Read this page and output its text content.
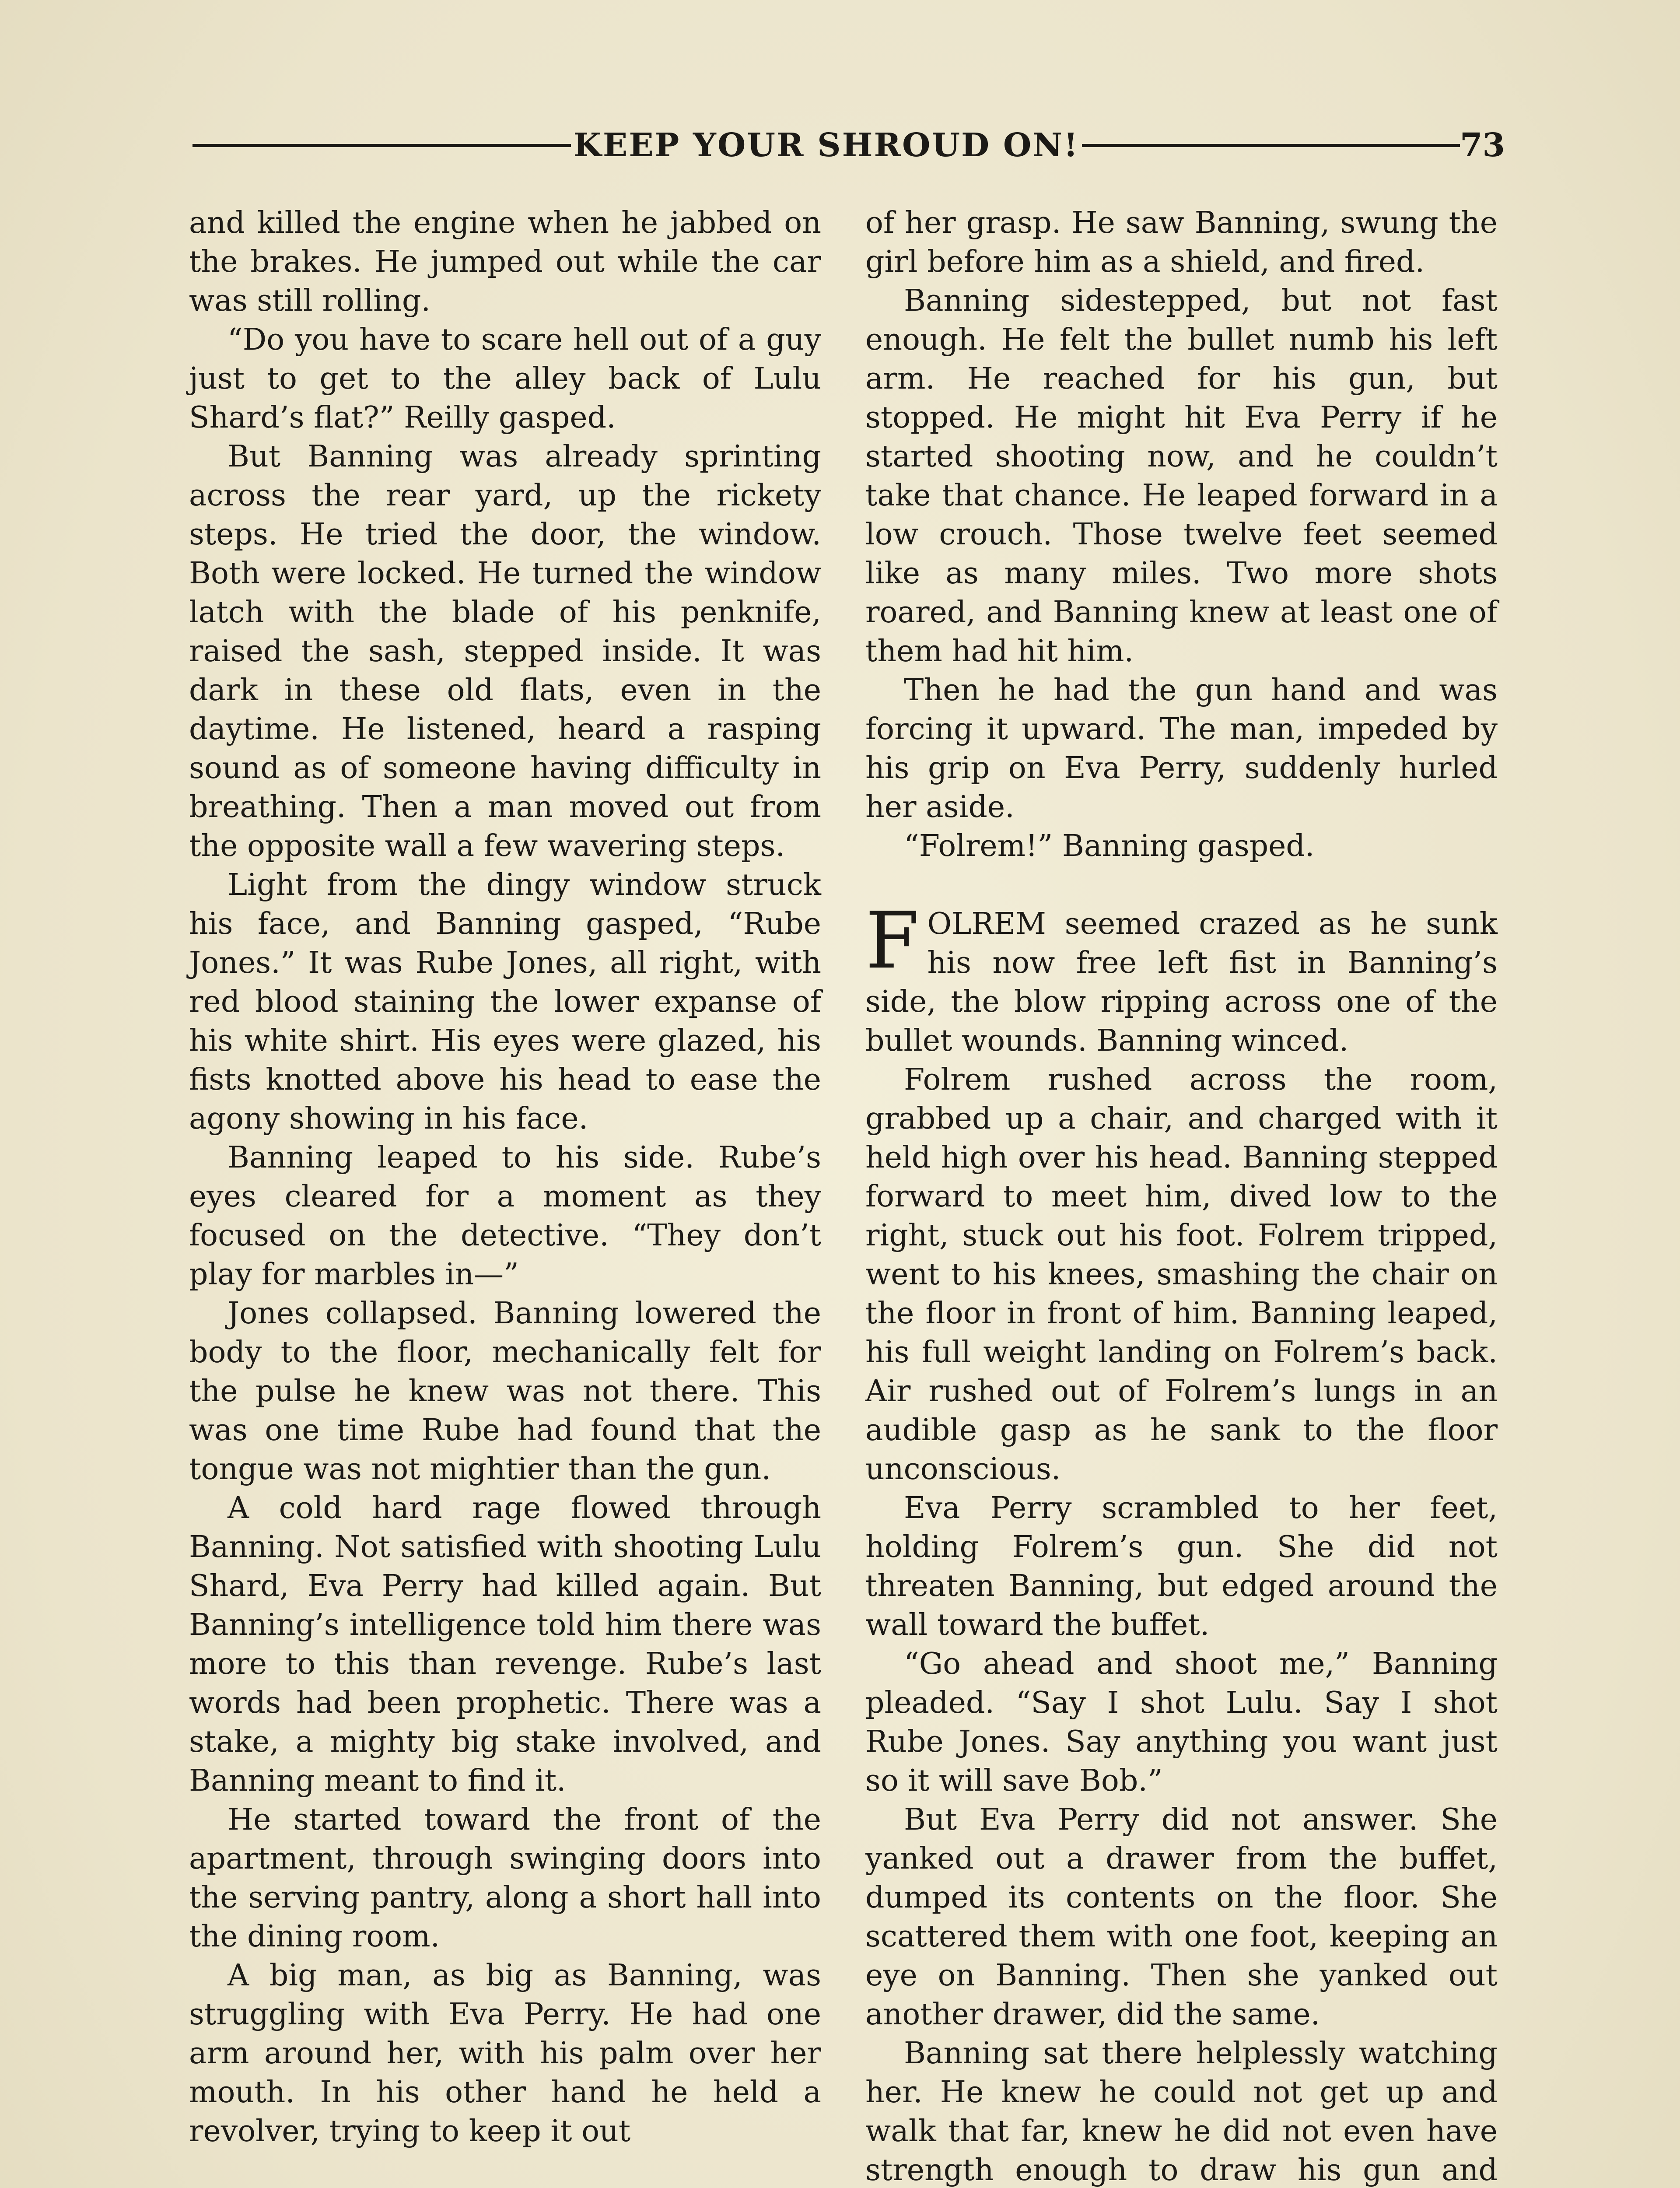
KEEP YOUR SHROUD ON!	73

and killed the engine when he jabbed on the brakes. He jumped out while the car was still rolling.

“Do you have to scare hell out of a guy just to get to the alley back of Lulu Shard’s flat?” Reilly gasped.

But Banning was already sprinting across the rear yard, up the rickety steps. He tried the door, the window. Both were locked. He turned the window latch with the blade of his penknife, raised the sash, stepped inside. It was dark in these old flats, even in the daytime. He listened, heard a rasping sound as of someone having difficulty in breathing. Then a man moved out from the opposite wall a few wavering steps.

Light from the dingy window struck his face, and Banning gasped, “Rube Jones.” It was Rube Jones, all right, with red blood staining the lower expanse of his white shirt. His eyes were glazed, his fists knotted above his head to ease the agony showing in his face.

Banning leaped to his side. Rube’s eyes cleared for a moment as they focused on the detective. “They don’t play for marbles in—”

Jones collapsed. Banning lowered the body to the floor, mechanically felt for the pulse he knew was not there. This was one time Rube had found that the tongue was not mightier than the gun.

A cold hard rage flowed through Banning. Not satisfied with shooting Lulu Shard, Eva Perry had killed again. But Banning’s intelligence told him there was more to this than revenge. Rube’s last words had been prophetic. There was a stake, a mighty big stake involved, and Banning meant to find it.

He started toward the front of the apartment, through swinging doors into the serving pantry, along a short hall into the dining room.

A big man, as big as Banning, was struggling with Eva Perry. He had one arm around her, with his palm over her mouth. In his other hand he held a revolver, trying to keep it out

of her grasp. He saw Banning, swung the girl before him as a shield, and fired.

Banning sidestepped, but not fast enough. He felt the bullet numb his left arm. He reached for his gun, but stopped. He might hit Eva Perry if he started shooting now, and he couldn’t take that chance. He leaped forward in a low crouch. Those twelve feet seemed like as many miles. Two more shots roared, and Banning knew at least one of them had hit him.

Then he had the gun hand and was forcing it upward. The man, impeded by his grip on Eva Perry, suddenly hurled her aside.

“Folrem!” Banning gasped.

FOLREM seemed crazed as he sunk his now free left fist in Banning’s side, the blow ripping across one of the bullet wounds. Banning winced.

Folrem rushed across the room, grabbed up a chair, and charged with it held high over his head. Banning stepped forward to meet him, dived low to the right, stuck out his foot. Folrem tripped, went to his knees, smashing the chair on the floor in front of him. Banning leaped, his full weight landing on Folrem’s back. Air rushed out of Folrem’s lungs in an audible gasp as he sank to the floor unconscious.

Eva Perry scrambled to her feet, holding Folrem’s gun. She did not threaten Banning, but edged around the wall toward the buffet.

“Go ahead and shoot me,” Banning pleaded. “Say I shot Lulu. Say I shot Rube Jones. Say anything you want just so it will save Bob.”

But Eva Perry did not answer. She yanked out a drawer from the buffet, dumped its contents on the floor. She scattered them with one foot, keeping an eye on Banning. Then she yanked out another drawer, did the same.

Banning sat there helplessly watching her. He knew he could not get up and walk that far, knew he did not even have strength enough to draw his gun and
